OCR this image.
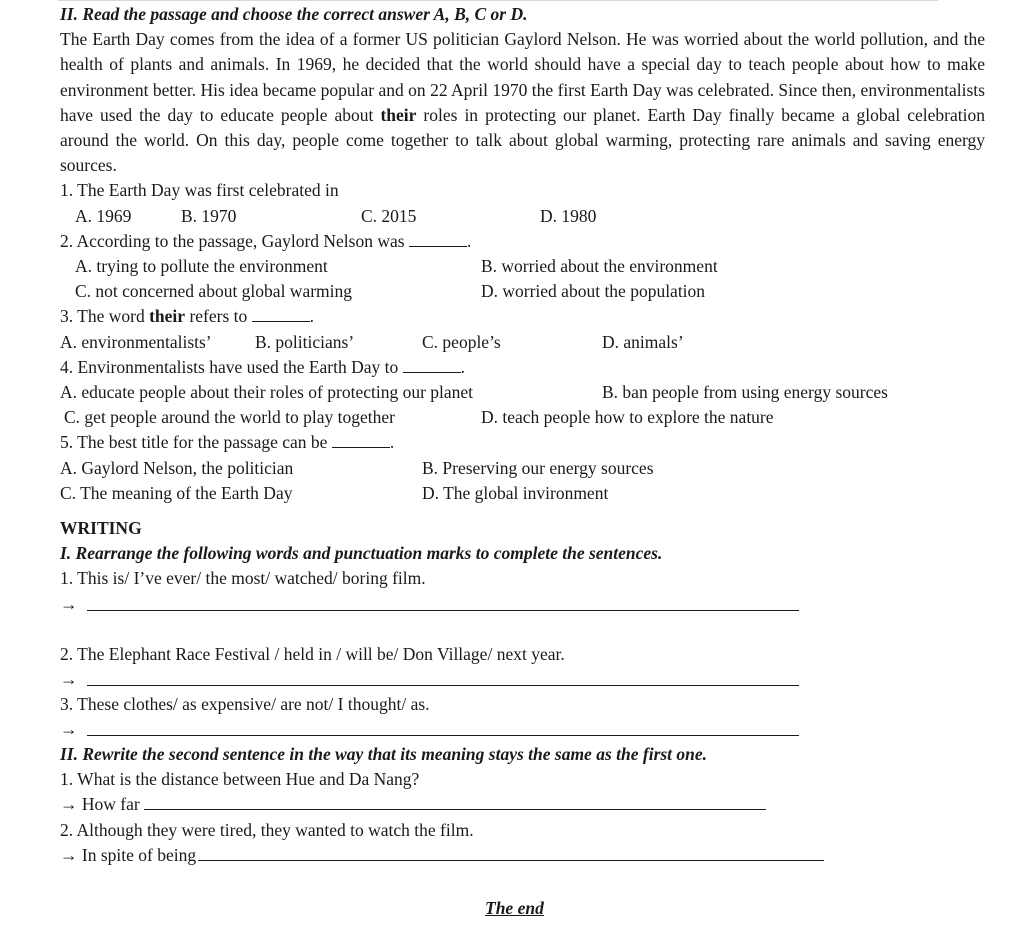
II. Read the passage and choose the correct answer A, B, C or D.
The Earth Day comes from the idea of a former US politician Gaylord Nelson. He was worried about the world pollution, and the health of plants and animals. In 1969, he decided that the world should have a special day to teach people about how to make environment better. His idea became popular and on 22 April 1970 the first Earth Day was celebrated. Since then, environmentalists have used the day to educate people about their roles in protecting our planet. Earth Day finally became a global celebration around the world. On this day, people come together to talk about global warming, protecting rare animals and saving energy sources.
1. The Earth Day was first celebrated in
A. 1969	B. 1970	C. 2015	D. 1980
2. According to the passage, Gaylord Nelson was	.
A. trying to pollute the environment	B. worried about the environment
C. not concerned about global warming	D. worried about the population
3. The word their refers to	.
A. environmentalists’ B. politicians’	C. people’s	D. animals’
4. Environmentalists have used the Earth Day to	.
A. educate people about their roles of protecting our planet	B. ban people from using energy sources
C. get people around the world to play together	D. teach people how to explore the nature
5. The best title for the passage can be	.
A. Gaylord Nelson, the politician	B. Preserving our energy sources
C. The meaning of the Earth Day	D. The global invironment
WRITING
I. Rearrange the following words and punctuation marks to complete the sentences.
1. This is/ I’ve ever/ the most/ watched/ boring film.
→
2. The Elephant Race Festival / held in / will be/ Don Village/ next year.
→
3. These clothes/ as expensive/ are not/ I thought/ as.
→
II. Rewrite the second sentence in the way that its meaning stays the same as the first one.
1. What is the distance between Hue and Da Nang?
→ How far
2. Although they were tired, they wanted to watch the film.
→ In spite of being
The end
